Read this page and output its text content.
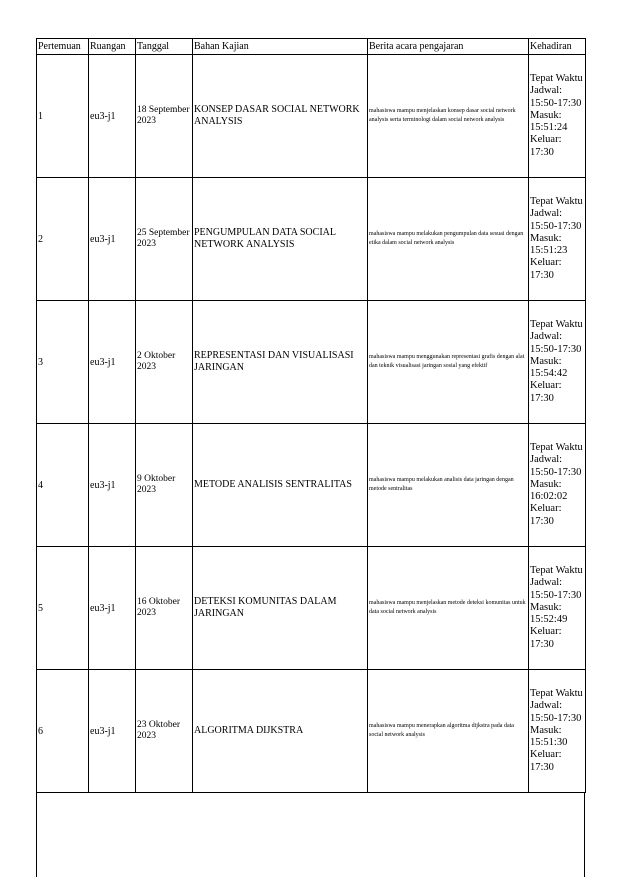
Pertemuan	Ruangan	Tanggal	Bahan Kajian	Berita acara pengajaran	Kehadiran
1	eu3-j1	18 September 2023	KONSEP DASAR SOCIAL NETWORK ANALYSIS	mahasiswa mampu menjelaskan konsep dasar social network analysis serta terminologi dalam social network analysis	Tepat Waktu
Jadwal: 15:50-17:30
Masuk: 15:51:24
Keluar: 17:30

2	eu3-j1	25 September 2023	PENGUMPULAN DATA SOCIAL NETWORK ANALYSIS	mahasiswa mampu melakukan pengumpulan data sesuai dengan etika dalam social network analysis	Tepat Waktu
Jadwal: 15:50-17:30
Masuk: 15:51:23
Keluar: 17:30

3	eu3-j1	2 Oktober 2023	REPRESENTASI DAN VISUALISASI JARINGAN	mahasiswa mampu menggunakan representasi grafis dengan alat dan teknik visualisasi jaringan sosial yang efektif	Tepat Waktu
Jadwal: 15:50-17:30
Masuk: 15:54:42
Keluar: 17:30

4	eu3-j1	9 Oktober 2023	METODE ANALISIS SENTRALITAS	mahasiswa mampu melakukan analisis data jaringan dengan metode sentralitas	Tepat Waktu
Jadwal: 15:50-17:30
Masuk: 16:02:02
Keluar: 17:30

5	eu3-j1	16 Oktober 2023	DETEKSI KOMUNITAS DALAM JARINGAN	mahasiswa mampu menjelaskan metode deteksi komunitas untuk data social network analysis	Tepat Waktu
Jadwal: 15:50-17:30
Masuk: 15:52:49
Keluar: 17:30

6	eu3-j1	23 Oktober 2023	ALGORITMA DIJKSTRA	mahasiswa mampu menerapkan algoritma dijkstra pada data social network analysis	Tepat Waktu
Jadwal: 15:50-17:30
Masuk: 15:51:30
Keluar: 17:30
